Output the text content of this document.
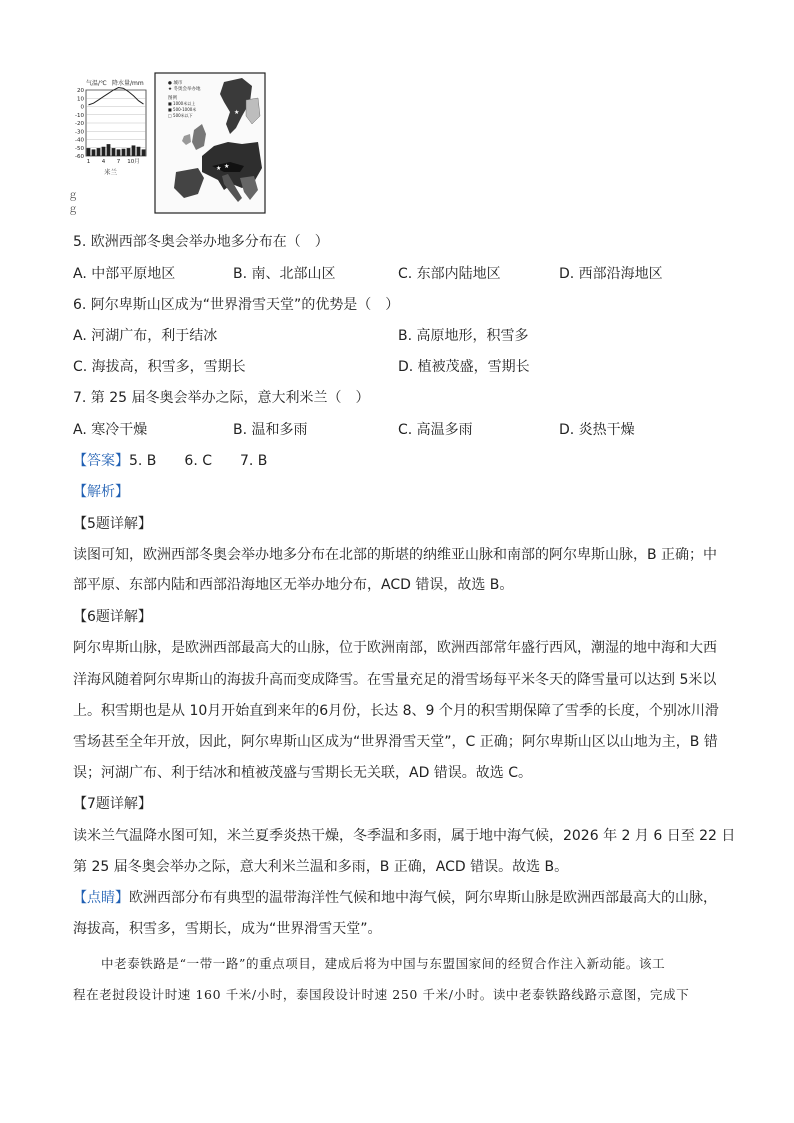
气温/℃ 降水量/mm
20
10
0
-10
-20
-30
-40
-50
-60
1 4 7 10月
米兰
● 城市
★ 冬奥会举办地
图例
■ 1000米以上
■ 500-1000米
□ 500米以下
★
★
★
ｇ
ｇ
5. 欧洲西部冬奥会举办地多分布在（　）
A. 中部平原地区	B. 南、北部山区	C. 东部内陆地区	D. 西部沿海地区
6. 阿尔卑斯山区成为“世界滑雪天堂”的优势是（　）
A. 河湖广布，利于结冰	B. 高原地形，积雪多
C. 海拔高，积雪多，雪期长	D. 植被茂盛，雪期长
7. 第 25 届冬奥会举办之际，意大利米兰（　）
A. 寒冷干燥	B. 温和多雨	C. 高温多雨	D. 炎热干燥
【答案】5. B　　6. C　　7. B
【解析】
【5题详解】
读图可知，欧洲西部冬奥会举办地多分布在北部的斯堪的纳维亚山脉和南部的阿尔卑斯山脉，B 正确；中
部平原、东部内陆和西部沿海地区无举办地分布，ACD 错误，故选 B。
【6题详解】
阿尔卑斯山脉，是欧洲西部最高大的山脉，位于欧洲南部，欧洲西部常年盛行西风，潮湿的地中海和大西
洋海风随着阿尔卑斯山的海拔升高而变成降雪。在雪量充足的滑雪场每平米冬天的降雪量可以达到 5米以
上。积雪期也是从 10月开始直到来年的6月份，长达 8、9 个月的积雪期保障了雪季的长度，个别冰川滑
雪场甚至全年开放，因此，阿尔卑斯山区成为“世界滑雪天堂”，C 正确；阿尔卑斯山区以山地为主，B 错
误；河湖广布、利于结冰和植被茂盛与雪期长无关联，AD 错误。故选 C。
【7题详解】
读米兰气温降水图可知，米兰夏季炎热干燥，冬季温和多雨，属于地中海气候，2026 年 2 月 6 日至 22 日
第 25 届冬奥会举办之际，意大利米兰温和多雨，B 正确，ACD 错误。故选 B。
【点睛】欧洲西部分布有典型的温带海洋性气候和地中海气候，阿尔卑斯山脉是欧洲西部最高大的山脉，
海拔高，积雪多，雪期长，成为“世界滑雪天堂”。
中老泰铁路是“一带一路”的重点项目，建成后将为中国与东盟国家间的经贸合作注入新动能。该工
程在老挝段设计时速 160 千米/小时，泰国段设计时速 250 千米/小时。读中老泰铁路线路示意图，完成下
